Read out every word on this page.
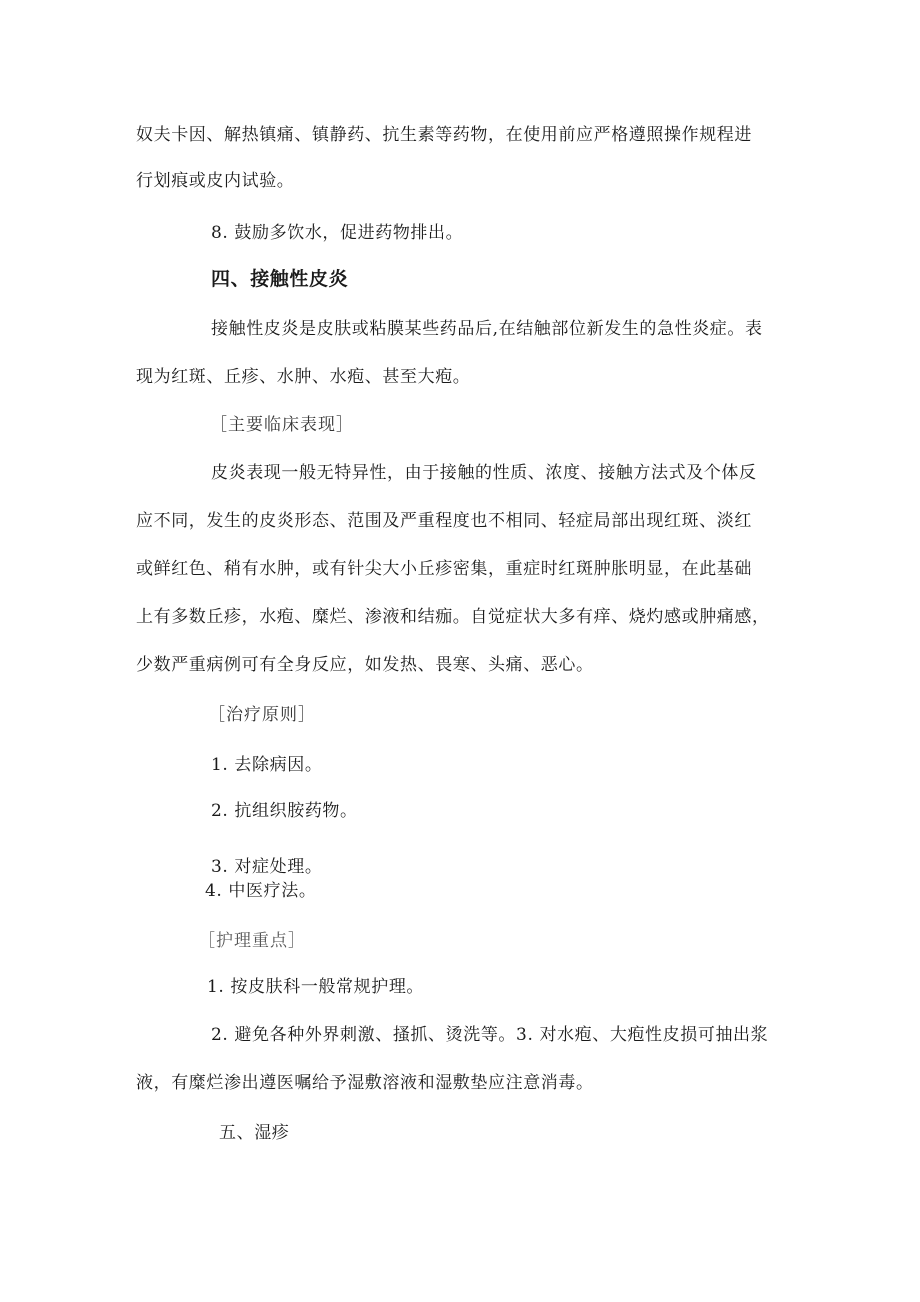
奴夫卡因、解热镇痛、镇静药、抗生素等药物，在使用前应严格遵照操作规程进
行划痕或皮内试验。
8. 鼓励多饮水，促进药物排出。
四、接触性皮炎
接触性皮炎是皮肤或粘膜某些药品后,在结触部位新发生的急性炎症。表
现为红斑、丘疹、水肿、水疱、甚至大疱。
［主要临床表现］
皮炎表现一般无特异性，由于接触的性质、浓度、接触方法式及个体反
应不同，发生的皮炎形态、范围及严重程度也不相同、轻症局部出现红斑、淡红
或鲜红色、稍有水肿，或有针尖大小丘疹密集，重症时红斑肿胀明显，在此基础
上有多数丘疹，水疱、糜烂、渗液和结痂。自觉症状大多有痒、烧灼感或肿痛感，
少数严重病例可有全身反应，如发热、畏寒、头痛、恶心。
［治疗原则］
1. 去除病因。
2. 抗组织胺药物。
3. 对症处理。
4. 中医疗法。
［护理重点］
1. 按皮肤科一般常规护理。
2. 避免各种外界刺激、搔抓、烫洗等。3. 对水疱、大疱性皮损可抽出浆
液，有糜烂渗出遵医嘱给予湿敷溶液和湿敷垫应注意消毒。
五、湿疹
